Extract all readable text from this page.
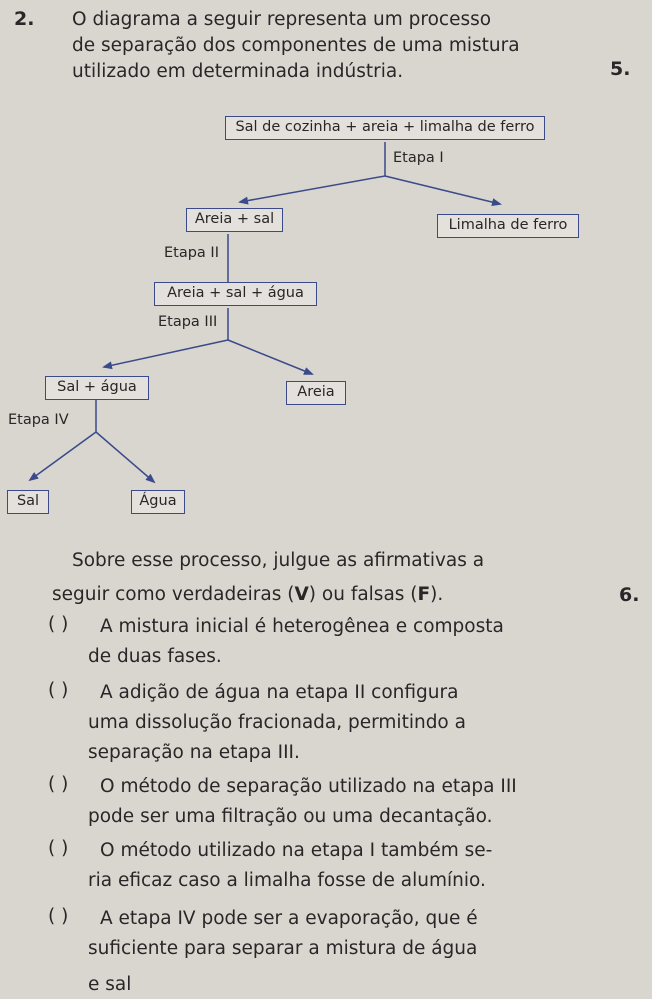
2. O diagrama a seguir representa um processo
de separação dos componentes de uma mistura
utilizado em determinada indústria.	5.
Sal de cozinha + areia + limalha de ferro
Etapa I
Areia + sal	Limalha de ferro
Etapa II
Areia + sal + água
Etapa III
Sal + água	Areia
Etapa IV
Sal	Água
Sobre esse processo, julgue as afirmativas a
seguir como verdadeiras (V) ou falsas (F).	6.
( ) A mistura inicial é heterogênea e composta
de duas fases.
( ) A adição de água na etapa II configura
uma dissolução fracionada, permitindo a
separação na etapa III.
( ) O método de separação utilizado na etapa III
pode ser uma filtração ou uma decantação.
( ) O método utilizado na etapa I também se-
ria eficaz caso a limalha fosse de alumínio.
( ) A etapa IV pode ser a evaporação, que é
suficiente para separar a mistura de água
e sal
